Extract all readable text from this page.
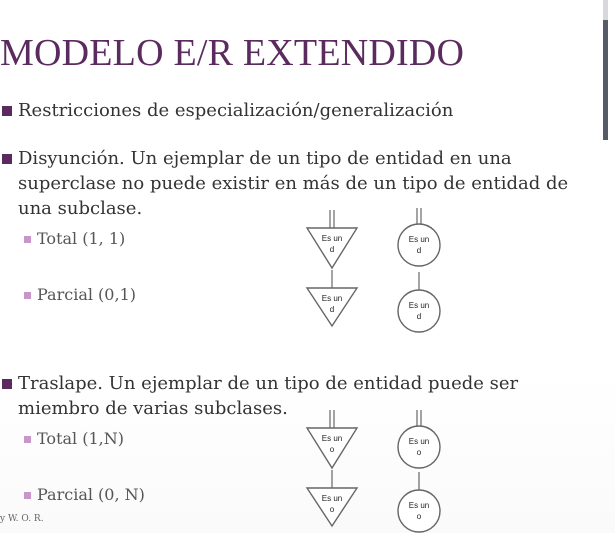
MODELO E/R EXTENDIDO
Restricciones de especialización/generalización
Disyunción. Un ejemplar de un tipo de entidad en una superclase no puede existir en más de un tipo de entidad de una subclase.
Total (1, 1)
Parcial (0,1)
Traslape. Un ejemplar de un tipo de entidad puede ser miembro de varias subclases.
Total (1,N)
Parcial (0, N)
Es un
d
Es un
d
Es un
d	Es un
d
Es un
o
Es un
o
Es un
o	Es un
o
y W. O. R.
